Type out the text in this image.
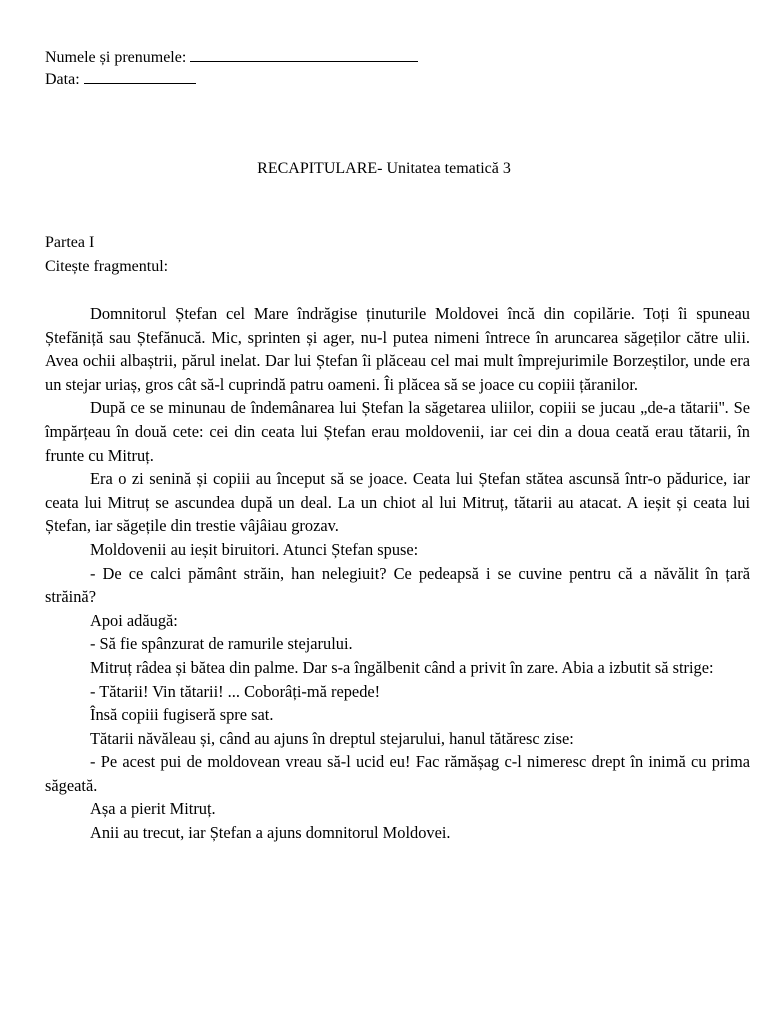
Numele și prenumele:
Data:
RECAPITULARE- Unitatea tematică 3
Partea I
Citește fragmentul:

Domnitorul Ștefan cel Mare îndrăgise ținuturile Moldovei încă din copilărie. Toți îi spuneau Ștefăniță sau Ștefănucă. Mic, sprinten și ager, nu-l putea nimeni întrece în aruncarea săgeților către ulii. Avea ochii albaștrii, părul inelat. Dar lui Ștefan îi plăceau cel mai mult împrejurimile Borzeștilor, unde era un stejar uriaș, gros cât să-l cuprindă patru oameni. Îi plăcea să se joace cu copiii țăranilor.

După ce se minunau de îndemânarea lui Ștefan la săgetarea uliilor, copiii se jucau „de-a tătarii''. Se împărțeau în două cete: cei din ceata lui Ștefan erau moldovenii, iar cei din a doua ceată erau tătarii, în frunte cu Mitruț.

Era o zi senină și copiii au început să se joace. Ceata lui Ștefan stătea ascunsă într-o pădurice, iar ceata lui Mitruț se ascundea după un deal. La un chiot al lui Mitruț, tătarii au atacat. A ieșit și ceata lui Ștefan, iar săgețile din trestie vâjâiau grozav.

Moldovenii au ieșit biruitori. Atunci Ștefan spuse:

- De ce calci pământ străin, han nelegiuit? Ce pedeapsă i se cuvine pentru că a năvălit în țară străină?

Apoi adăugă:

- Să fie spânzurat de ramurile stejarului.

Mitruț râdea și bătea din palme. Dar s-a îngălbenit când a privit în zare. Abia a izbutit să strige:

- Tătarii! Vin tătarii! ... Coborâți-mă repede!

Însă copiii fugiseră spre sat.

Tătarii năvăleau și, când au ajuns în dreptul stejarului, hanul tătăresc zise:

- Pe acest pui de moldovean vreau să-l ucid eu! Fac rămășag c-l nimeresc drept în inimă cu prima săgeată.

Așa a pierit Mitruț.

Anii au trecut, iar Ștefan a ajuns domnitorul Moldovei.
